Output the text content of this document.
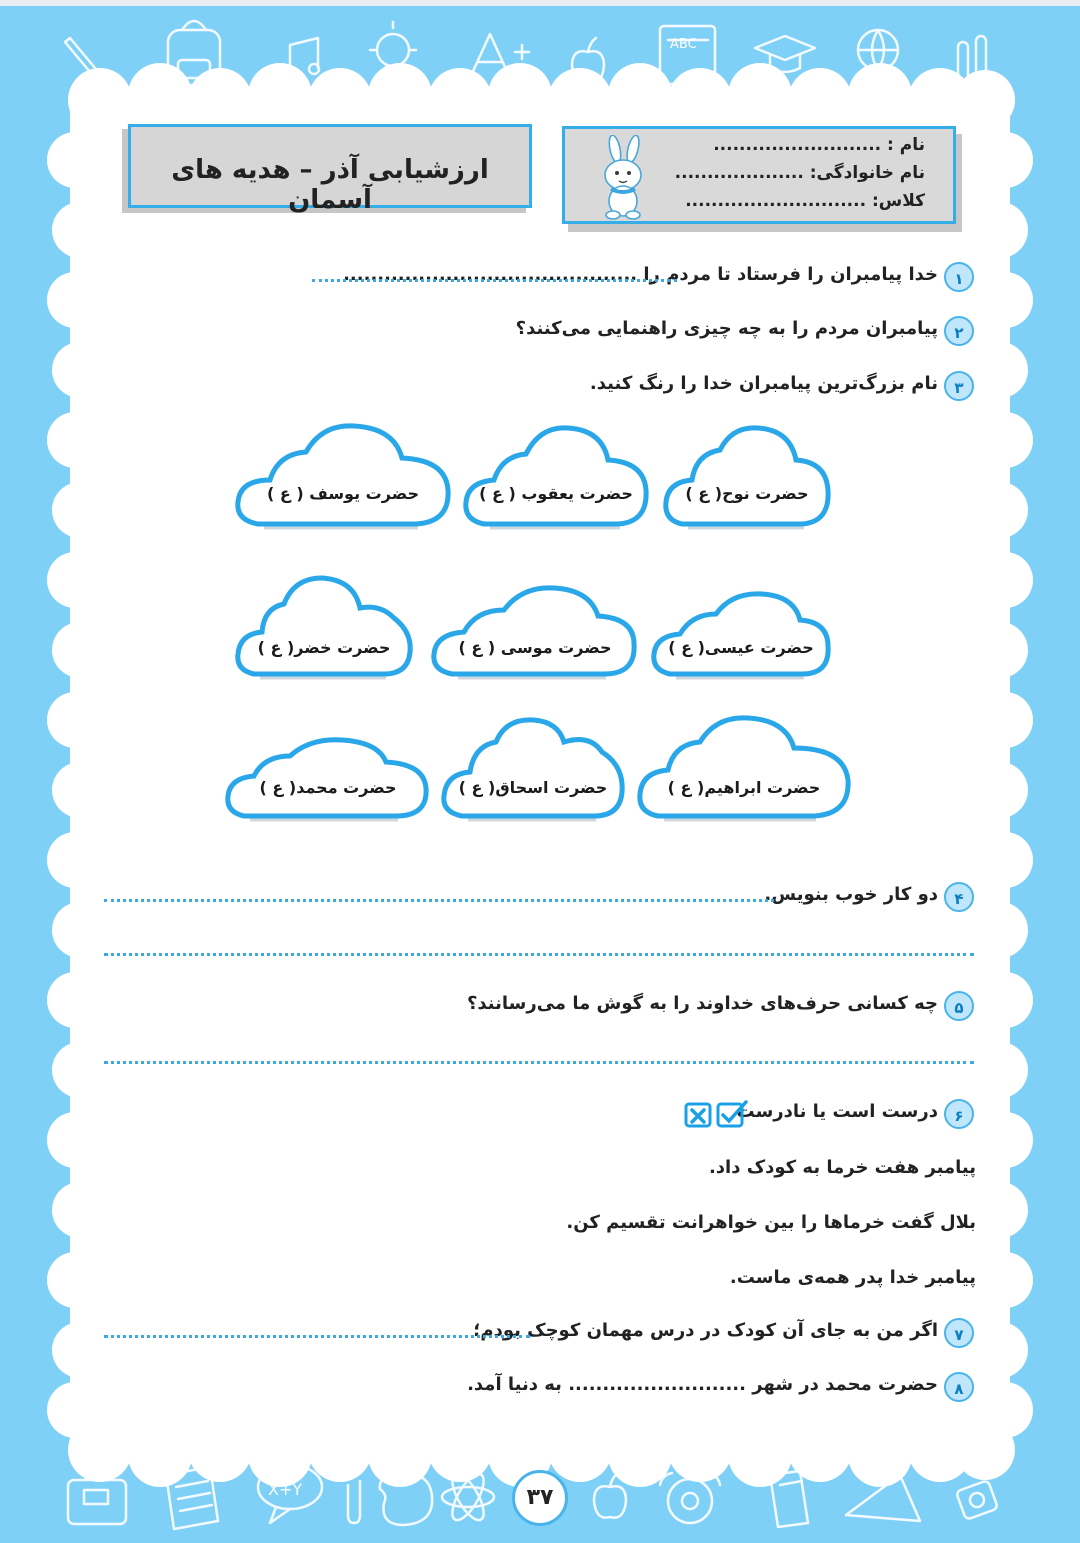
ABC
X+Y
ارزشیابی آذر – هدیه های آسمان
نام : ..........................
نام خانوادگی: ....................
کلاس: ............................
۱
خدا پیامبران را فرستاد تا مردم را ...........................................
۲
پیامبران مردم را به چه چیزی راهنمایی می‌کنند؟
۳
نام بزرگ‌ترین پیامبران خدا را رنگ کنید.
حضرت نوح( ع )
حضرت یعقوب ( ع )
حضرت یوسف ( ع )
حضرت عیسی( ع )
حضرت موسی ( ع )
حضرت خضر( ع )
حضرت ابراهیم( ع )
حضرت اسحاق( ع )
حضرت محمد( ع )
۴
دو کار خوب بنویس.
۵
چه کسانی حرف‌های خداوند را به گوش ما می‌رسانند؟
۶
درست است یا نادرست
پیامبر هفت خرما به کودک داد.
بلال گفت خرماها را بین خواهرانت تقسیم کن.
پیامبر خدا پدر همه‌ی ماست.
۷
اگر من به جای آن کودک در درس مهمان کوچک بودم؛
۸
حضرت محمد در شهر .......................... به دنیا آمد.
۳۷
